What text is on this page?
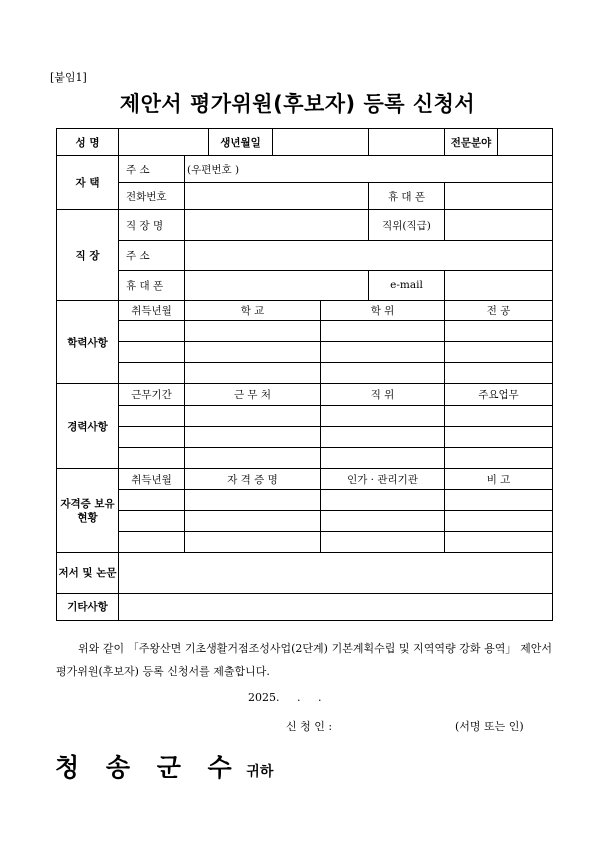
[붙임1]
제안서 평가위원(후보자) 등록 신청서
성 명			생년월일				전문분야	
자 택	주 소	(우편번호 )						
	전화번호					휴 대 폰		
직 장	직 장 명					직위(직급)		
	주 소							
	휴 대 폰					e-mail		
학력사항	취득년월	학 교			학 위		전 공	

경력사항	근무기간	근 무 처			직 위		주요업무	

자격증 보유현황	취득년월	자 격 증 명			인가 · 관리기관		비 고	

저서 및 논문								
기타사항								
위와 같이 「주왕산면 기초생활거점조성사업(2단계) 기본계획수립 및 지역역량 강화 용역」 제안서 평가위원(후보자) 등록 신청서를 제출합니다.
2025. . .
신 청 인 :	(서명 또는 인)
청 송 군 수 귀하
